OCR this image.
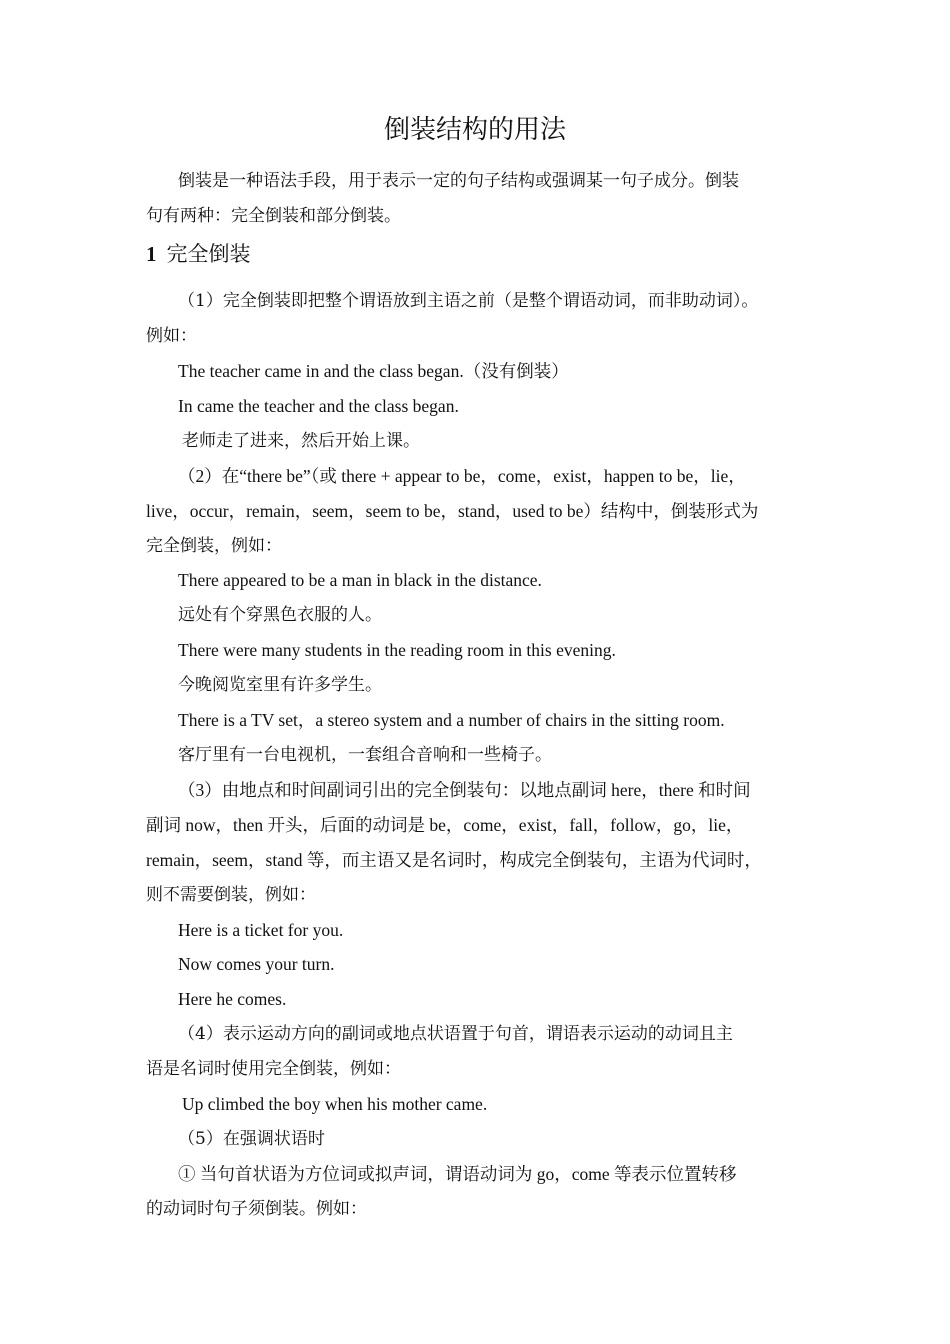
倒装结构的用法
倒装是一种语法手段，用于表示一定的句子结构或强调某一句子成分。倒装
句有两种：完全倒装和部分倒装。
1 完全倒装
（1）完全倒装即把整个谓语放到主语之前（是整个谓语动词，而非助动词）。
例如：
The teacher came in and the class began.（没有倒装）
In came the teacher and the class began.
老师走了进来，然后开始上课。
（2）在“there be”（或 there + appear to be，come，exist，happen to be，lie，
live，occur，remain，seem，seem to be，stand，used to be）结构中，倒装形式为
完全倒装，例如：
There appeared to be a man in black in the distance.
远处有个穿黑色衣服的人。
There were many students in the reading room in this evening.
今晚阅览室里有许多学生。
There is a TV set，a stereo system and a number of chairs in the sitting room.
客厅里有一台电视机，一套组合音响和一些椅子。
（3）由地点和时间副词引出的完全倒装句：以地点副词 here，there 和时间
副词 now，then 开头，后面的动词是 be，come，exist，fall，follow，go，lie，
remain，seem，stand 等，而主语又是名词时，构成完全倒装句，主语为代词时，
则不需要倒装，例如：
Here is a ticket for you.
Now comes your turn.
Here he comes.
（4）表示运动方向的副词或地点状语置于句首，谓语表示运动的动词且主
语是名词时使用完全倒装，例如：
Up climbed the boy when his mother came.
（5）在强调状语时
① 当句首状语为方位词或拟声词，谓语动词为 go，come 等表示位置转移
的动词时句子须倒装。例如：
